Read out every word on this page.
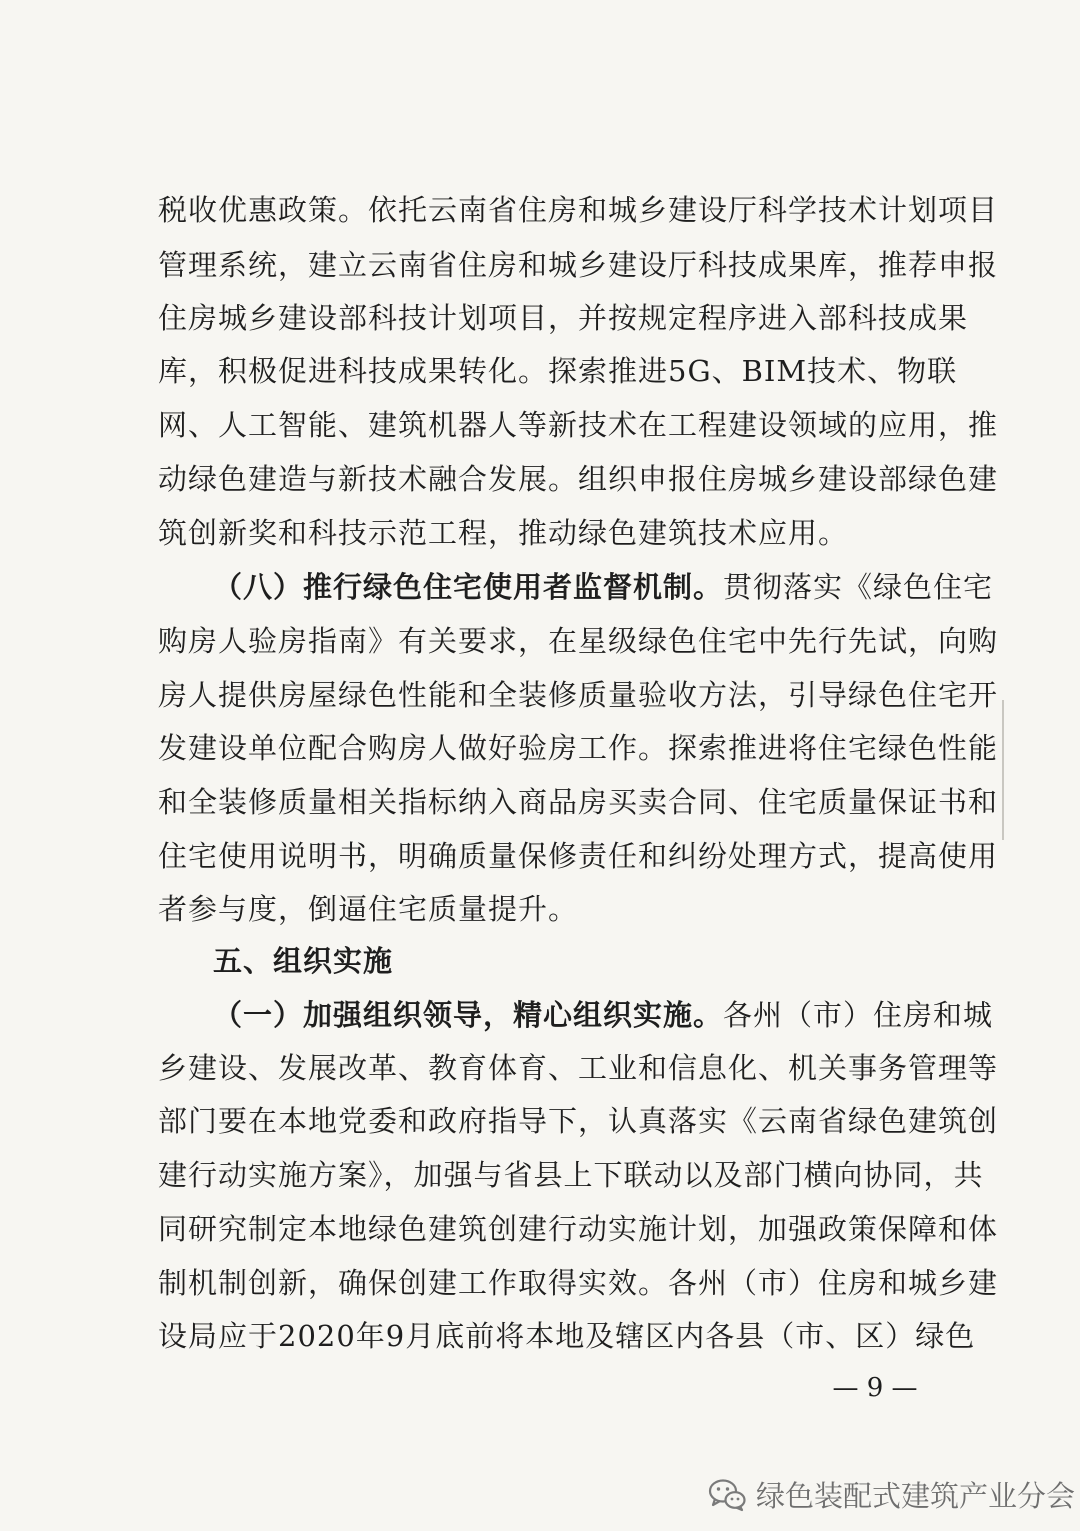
税收优惠政策。依托云南省住房和城乡建设厅科学技术计划项目
管理系统，建立云南省住房和城乡建设厅科技成果库，推荐申报
住房城乡建设部科技计划项目，并按规定程序进入部科技成果
库，积极促进科技成果转化。探索推进5G、BIM技术、物联
网、人工智能、建筑机器人等新技术在工程建设领域的应用，推
动绿色建造与新技术融合发展。组织申报住房城乡建设部绿色建
筑创新奖和科技示范工程，推动绿色建筑技术应用。
（八）推行绿色住宅使用者监督机制。贯彻落实《绿色住宅
购房人验房指南》有关要求，在星级绿色住宅中先行先试，向购
房人提供房屋绿色性能和全装修质量验收方法，引导绿色住宅开
发建设单位配合购房人做好验房工作。探索推进将住宅绿色性能
和全装修质量相关指标纳入商品房买卖合同、住宅质量保证书和
住宅使用说明书，明确质量保修责任和纠纷处理方式，提高使用
者参与度，倒逼住宅质量提升。
五、组织实施
（一）加强组织领导，精心组织实施。各州（市）住房和城
乡建设、发展改革、教育体育、工业和信息化、机关事务管理等
部门要在本地党委和政府指导下，认真落实《云南省绿色建筑创
建行动实施方案》，加强与省县上下联动以及部门横向协同，共
同研究制定本地绿色建筑创建行动实施计划，加强政策保障和体
制机制创新，确保创建工作取得实效。各州（市）住房和城乡建
设局应于2020年9月底前将本地及辖区内各县（市、区）绿色
— 9 —
绿色装配式建筑产业分会
